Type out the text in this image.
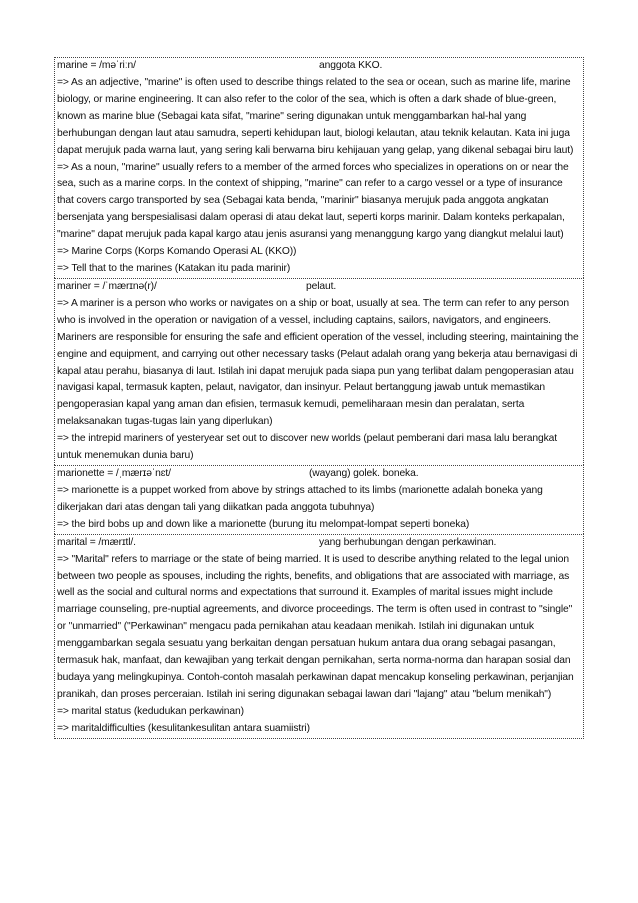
marine = /məˈriːn/	anggota KKO.
=> As an adjective, "marine" is often used to describe things related to the sea or ocean, such as marine life, marine biology, or marine engineering. It can also refer to the color of the sea, which is often a dark shade of blue-green, known as marine blue (Sebagai kata sifat, "marine" sering digunakan untuk menggambarkan hal-hal yang berhubungan dengan laut atau samudra, seperti kehidupan laut, biologi kelautan, atau teknik kelautan. Kata ini juga dapat merujuk pada warna laut, yang sering kali berwarna biru kehijauan yang gelap, yang dikenal sebagai biru laut)
=> As a noun, "marine" usually refers to a member of the armed forces who specializes in operations on or near the sea, such as a marine corps. In the context of shipping, "marine" can refer to a cargo vessel or a type of insurance that covers cargo transported by sea (Sebagai kata benda, "marinir" biasanya merujuk pada anggota angkatan bersenjata yang berspesialisasi dalam operasi di atau dekat laut, seperti korps marinir. Dalam konteks perkapalan, "marine" dapat merujuk pada kapal kargo atau jenis asuransi yang menanggung kargo yang diangkut melalui laut)
=> Marine Corps (Korps Komando Operasi AL (KKO))
=> Tell that to the marines (Katakan itu pada marinir)
mariner = /ˈmærɪnə(r)/	pelaut.
=> A mariner is a person who works or navigates on a ship or boat, usually at sea. The term can refer to any person who is involved in the operation or navigation of a vessel, including captains, sailors, navigators, and engineers. Mariners are responsible for ensuring the safe and efficient operation of the vessel, including steering, maintaining the engine and equipment, and carrying out other necessary tasks (Pelaut adalah orang yang bekerja atau bernavigasi di kapal atau perahu, biasanya di laut. Istilah ini dapat merujuk pada siapa pun yang terlibat dalam pengoperasian atau navigasi kapal, termasuk kapten, pelaut, navigator, dan insinyur. Pelaut bertanggung jawab untuk memastikan pengoperasian kapal yang aman dan efisien, termasuk kemudi, pemeliharaan mesin dan peralatan, serta melaksanakan tugas-tugas lain yang diperlukan)
=> the intrepid mariners of yesteryear set out to discover new worlds (pelaut pemberani dari masa lalu berangkat untuk menemukan dunia baru)
marionette = /ˌmærɪəˈnɛt/	(wayang) golek. boneka.
=> marionette is a puppet worked from above by strings attached to its limbs (marionette adalah boneka yang dikerjakan dari atas dengan tali yang diikatkan pada anggota tubuhnya)
=> the bird bobs up and down like a marionette (burung itu melompat-lompat seperti boneka)
marital = /mærɪtl/.	yang berhubungan dengan perkawinan.
=> "Marital" refers to marriage or the state of being married. It is used to describe anything related to the legal union between two people as spouses, including the rights, benefits, and obligations that are associated with marriage, as well as the social and cultural norms and expectations that surround it. Examples of marital issues might include marriage counseling, pre-nuptial agreements, and divorce proceedings. The term is often used in contrast to "single" or "unmarried" ("Perkawinan" mengacu pada pernikahan atau keadaan menikah. Istilah ini digunakan untuk menggambarkan segala sesuatu yang berkaitan dengan persatuan hukum antara dua orang sebagai pasangan, termasuk hak, manfaat, dan kewajiban yang terkait dengan pernikahan, serta norma-norma dan harapan sosial dan budaya yang melingkupinya. Contoh-contoh masalah perkawinan dapat mencakup konseling perkawinan, perjanjian pranikah, dan proses perceraian. Istilah ini sering digunakan sebagai lawan dari "lajang" atau "belum menikah")
=> marital status (kedudukan perkawinan)
=> maritaldifficulties (kesulitankesulitan antara suamiistri)
